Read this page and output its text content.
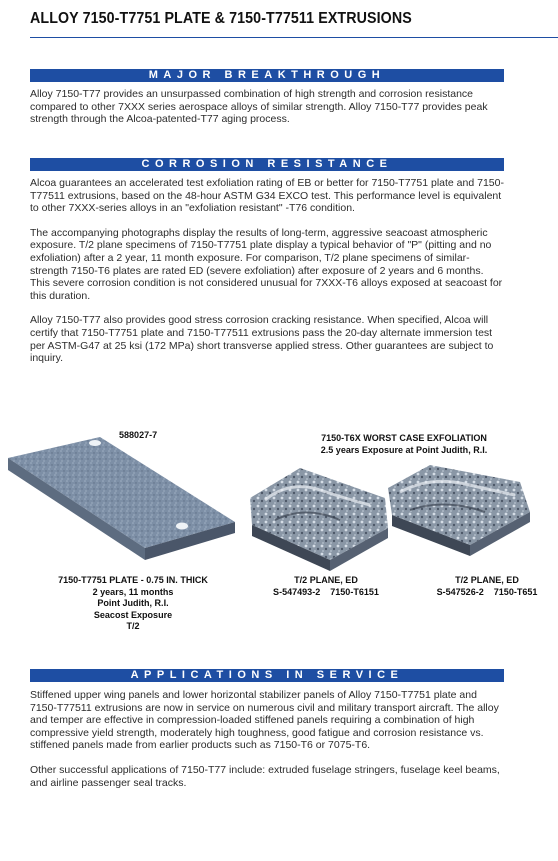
ALLOY 7150-T7751 PLATE & 7150-T77511 EXTRUSIONS
MAJOR BREAKTHROUGH

Alloy 7150-T77 provides an unsurpassed combination of high strength and corrosion resistance compared to other 7XXX series aerospace alloys of similar strength. Alloy 7150-T77 provides peak strength through the Alcoa-patented-T77 aging process.

CORROSION RESISTANCE

Alcoa guarantees an accelerated test exfoliation rating of EB or better for 7150-T7751 plate and 7150-T77511 extrusions, based on the 48-hour ASTM G34 EXCO test. This performance level is equivalent to other 7XXX-series alloys in an "exfoliation resistant" -T76 condition.

The accompanying photographs display the results of long-term, aggressive seacoast atmospheric exposure. T/2 plane specimens of 7150-T7751 plate display a typical behavior of "P" (pitting and no exfoliation) after a 2 year, 11 month exposure. For comparison, T/2 plane specimens of similar-strength 7150-T6 plates are rated ED (severe exfoliation) after exposure of 2 years and 6 months. This severe corrosion condition is not considered unusual for 7XXX-T6 alloys exposed at seacoast for this duration.

Alloy 7150-T77 also provides good stress corrosion cracking resistance. When specified, Alcoa will certify that 7150-T7751 plate and 7150-T77511 extrusions pass the 20-day alternate immersion test per ASTM-G47 at 25 ksi (172 MPa) short transverse applied stress. Other guarantees are subject to inquiry.

588027-7
7150-T7751 PLATE - 0.75 IN. THICK
2 years, 11 months
Point Judith, R.I.
Seacost Exposure
T/2
7150-T6X WORST CASE EXFOLIATION
2.5 years Exposure at Point Judith, R.I.
T/2 PLANE, ED
S-547493-2    7150-T6151
T/2 PLANE, ED
S-547526-2    7150-T651
APPLICATIONS IN SERVICE

Stiffened upper wing panels and lower horizontal stabilizer panels of Alloy 7150-T7751 plate and 7150-T77511 extrusions are now in service on numerous civil and military transport aircraft. The alloy and temper are effective in compression-loaded stiffened panels requiring a combination of high compressive yield strength, moderately high toughness, good fatigue and corrosion resistance vs. stiffened panels made from earlier products such as 7150-T6 or 7075-T6.

Other successful applications of 7150-T77 include: extruded fuselage stringers, fuselage keel beams, and airline passenger seal tracks.
